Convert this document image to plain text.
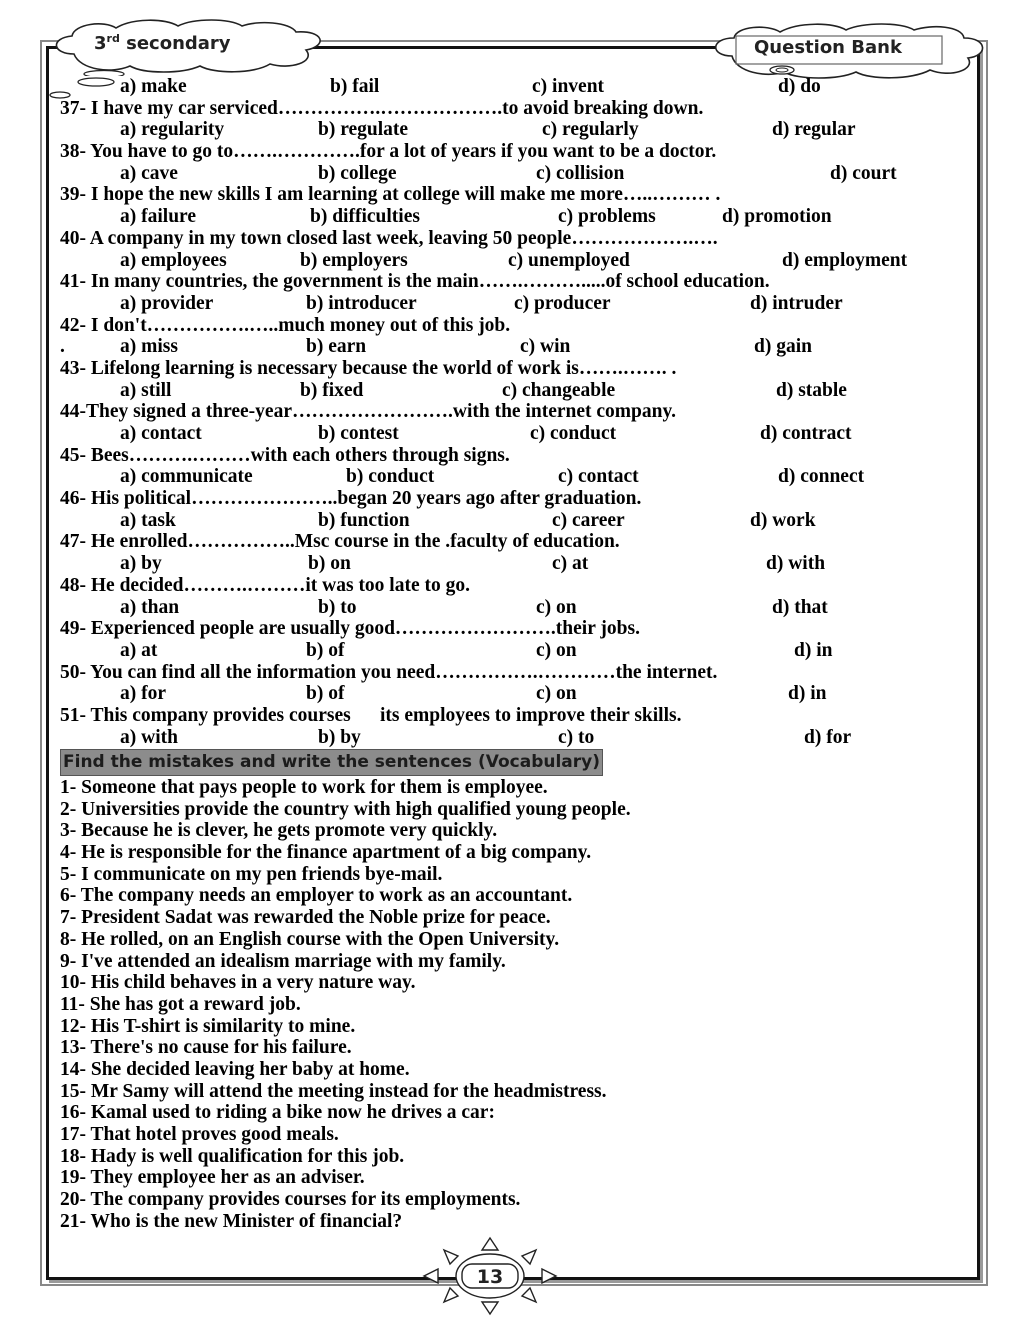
3rd secondary	Question Bank
a) make	b) fail	c) invent	d) do
37- I have my car serviced…………….……………….to avoid breaking down.
a) regularity	b) regulate	c) regularly	d) regular
38- You have to go to…….………….for a lot of years if you want to be a doctor.
a) cave	b) college	c) collision	d) court
39- I hope the new skills I am learning at college will make me more…..……… .
a) failure	b) difficulties	c) problems	d) promotion
40- A company in my town closed last week, leaving 50 people……………….….
a) employees	b) employers	c) unemployed	d) employment
41- In many countries, the government is the main…….……….....of school education.
a) provider	b) introducer	c) producer	d) intruder
42- I don't…………….…..much money out of this job.
.	a) miss	b) earn	c) win	d) gain
43- Lifelong learning is necessary because the world of work is…….……. .
a) still	b) fixed	c) changeable	d) stable
44-They signed a three-year…………………….with the internet company.
a) contact	b) contest	c) conduct	d) contract
45- Bees……….………with each others through signs.
a) communicate	b) conduct	c) contact	d) connect
46- His political…………………..began 20 years ago after graduation.
a) task	b) function	c) career	d) work
47- He enrolled……………..Msc course in the .faculty of education.
a) by	b) on	c) at	d) with
48- He decided……….………it was too late to go.
a) than	b) to	c) on	d) that
49- Experienced people are usually good…………………….their jobs.
a) at	b) of	c) on	d) in
50- You can find all the information you need…………….…………the internet.
a) for	b) of	c) on	d) in
51- This company provides courses      its employees to improve their skills.
a) with	b) by	c) to	d) for
Find the mistakes and write the sentences (Vocabulary)
1- Someone that pays people to work for them is employee.
2- Universities provide the country with high qualified young people.
3- Because he is clever, he gets promote very quickly.
4- He is responsible for the finance apartment of a big company.
5- I communicate on my pen friends bye-mail.
6- The company needs an employer to work as an accountant.
7- President Sadat was rewarded the Noble prize for peace.
8- He rolled, on an English course with the Open University.
9- I've attended an idealism marriage with my family.
10- His child behaves in a very nature way.
11- She has got a reward job.
12- His T-shirt is similarity to mine.
13- There's no cause for his failure.
14- She decided leaving her baby at home.
15- Mr Samy will attend the meeting instead for the headmistress.
16- Kamal used to riding a bike now he drives a car:
17- That hotel proves good meals.
18- Hady is well qualification for this job.
19- They employee her as an adviser.
20- The company provides courses for its employments.
21- Who is the new Minister of financial?
13
